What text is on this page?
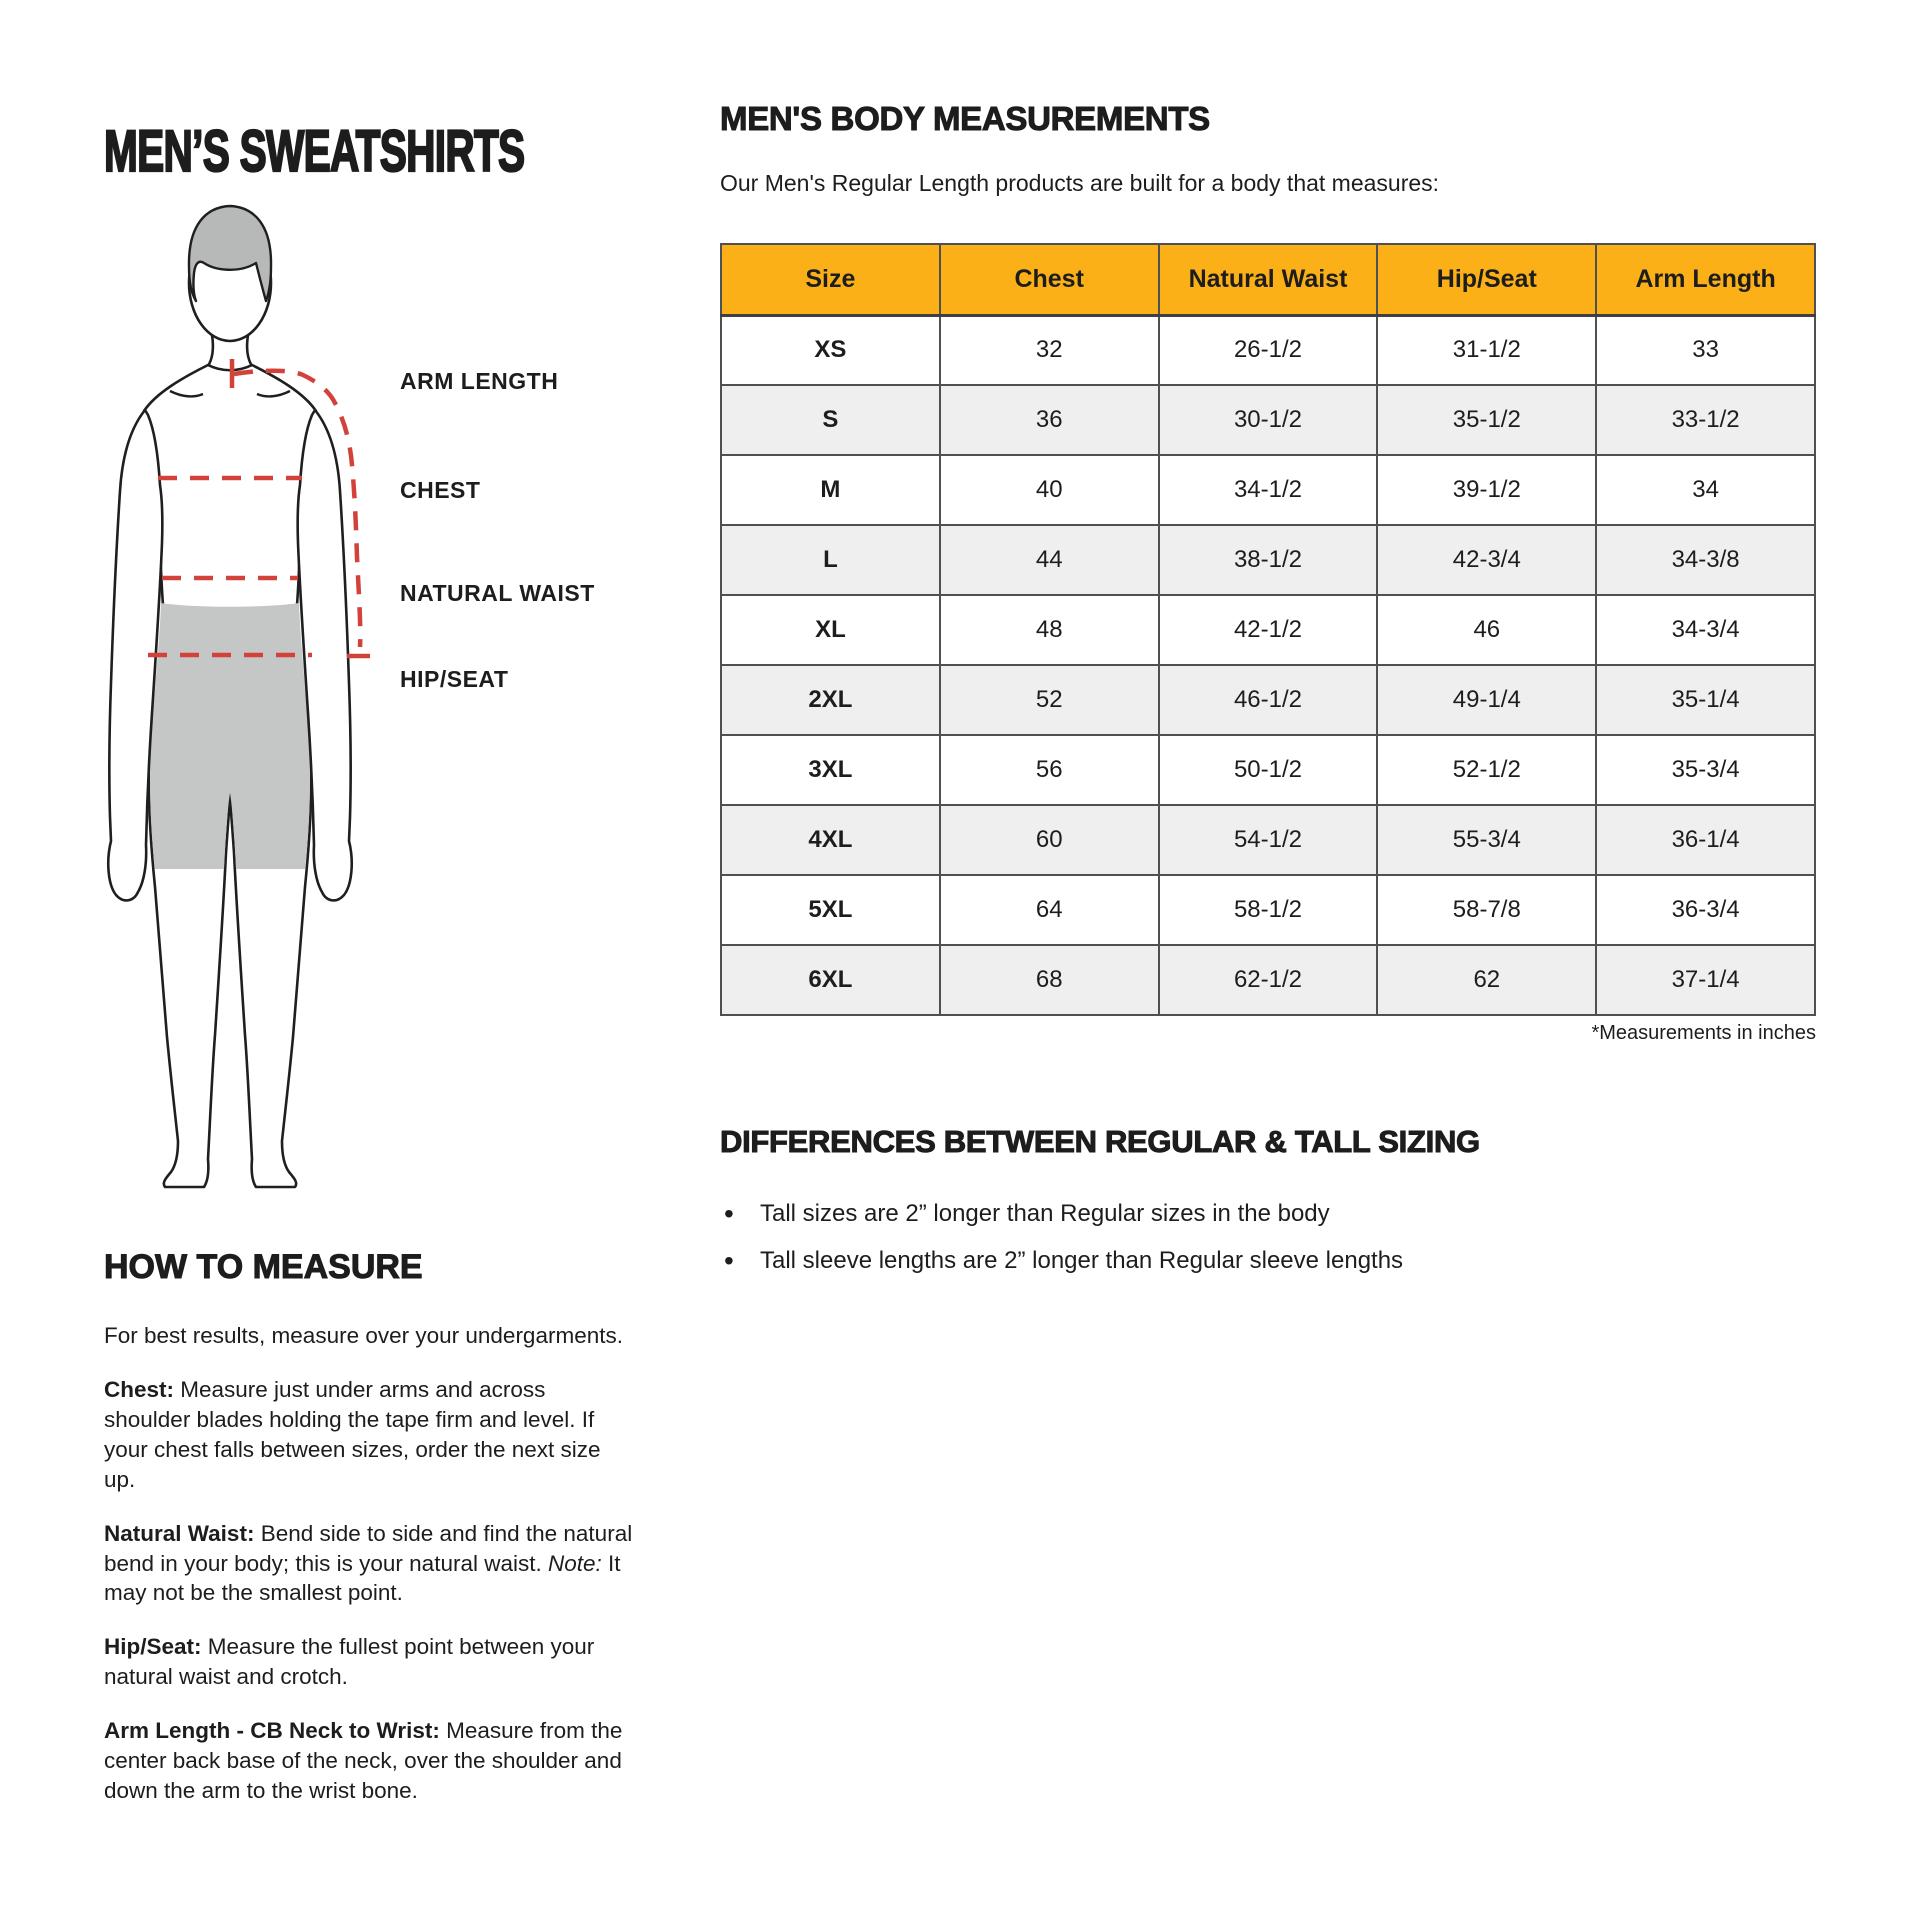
MEN’S SWEATSHIRTS
ARM LENGTH
CHEST
NATURAL WAIST
HIP/SEAT
HOW TO MEASURE

For best results, measure over your undergarments.

Chest: Measure just under arms and across shoulder blades holding the tape firm and level. If your chest falls between sizes, order the next size up.

Natural Waist: Bend side to side and find the natural bend in your body; this is your natural waist. Note: It may not be the smallest point.

Hip/Seat: Measure the fullest point between your natural waist and crotch.

Arm Length - CB Neck to Wrist: Measure from the center back base of the neck, over the shoulder and down the arm to the wrist bone.

MEN'S BODY MEASUREMENTS

Our Men's Regular Length products are built for a body that measures:

Size	Chest	Natural Waist	Hip/Seat	Arm Length
XS	32	26-1/2	31-1/2	33
S	36	30-1/2	35-1/2	33-1/2
M	40	34-1/2	39-1/2	34
L	44	38-1/2	42-3/4	34-3/8
XL	48	42-1/2	46	34-3/4
2XL	52	46-1/2	49-1/4	35-1/4
3XL	56	50-1/2	52-1/2	35-3/4
4XL	60	54-1/2	55-3/4	36-1/4
5XL	64	58-1/2	58-7/8	36-3/4
6XL	68	62-1/2	62	37-1/4

*Measurements in inches

DIFFERENCES BETWEEN REGULAR & TALL SIZING
• Tall sizes are 2” longer than Regular sizes in the body
• Tall sleeve lengths are 2” longer than Regular sleeve lengths
